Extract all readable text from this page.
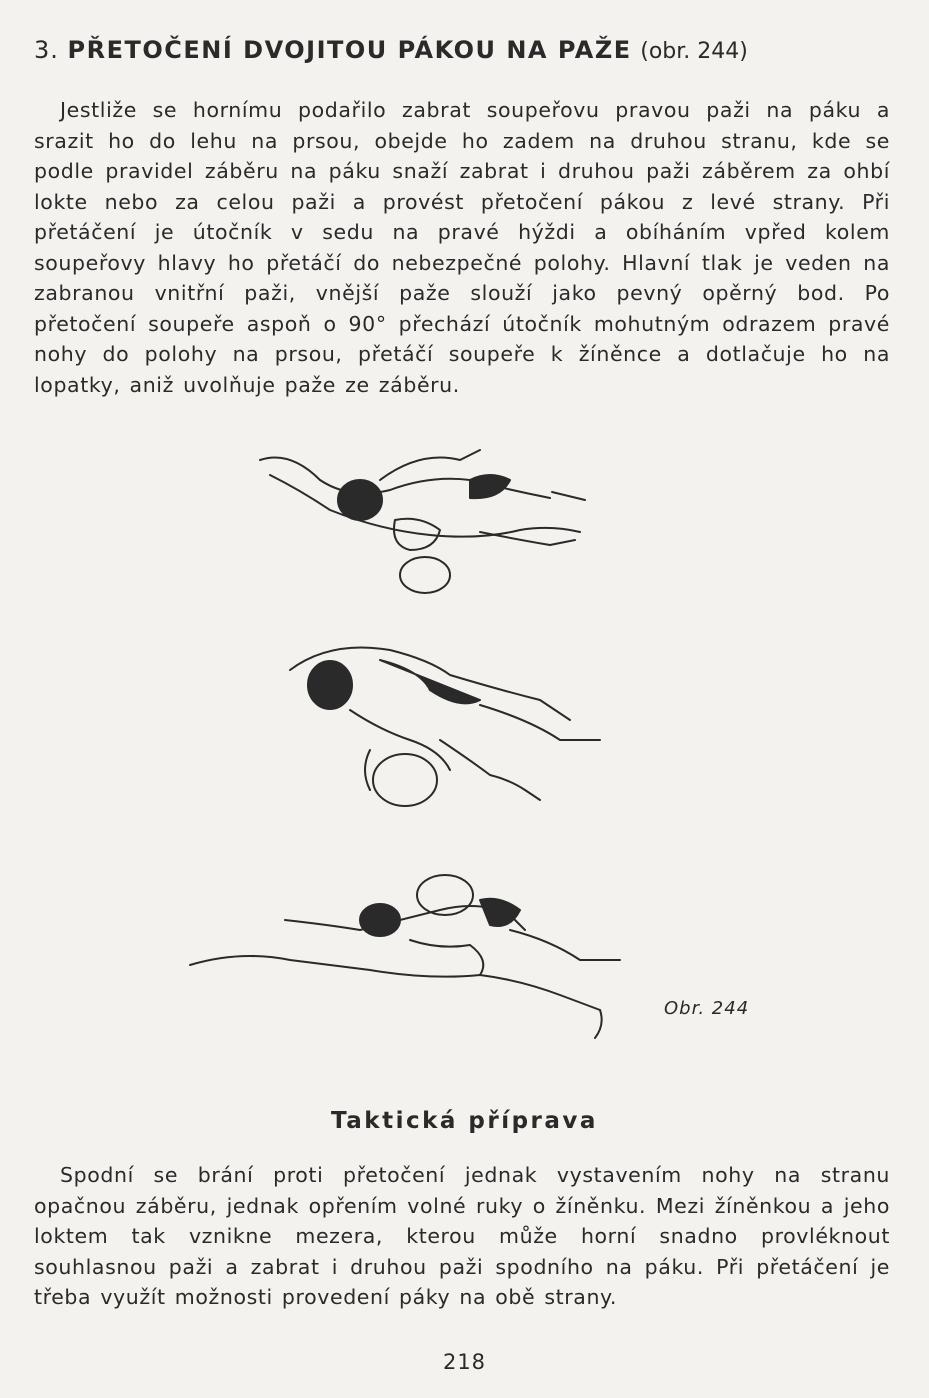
3. PŘETOČENÍ DVOJITOU PÁKOU NA PAŽE (obr. 244)
Jestliže se hornímu podařilo zabrat soupeřovu pravou paži na páku a srazit ho do lehu na prsou, obejde ho zadem na druhou stranu, kde se podle pravidel záběru na páku snaží zabrat i druhou paži záběrem za ohbí lokte nebo za celou paži a provést přetočení pákou z levé strany. Při přetáčení je útočník v sedu na pravé hýždi a obíháním vpřed kolem soupeřovy hlavy ho přetáčí do nebezpečné polohy. Hlavní tlak je veden na zabranou vnitřní paži, vnější paže slouží jako pevný opěrný bod. Po přetočení soupeře aspoň o 90° přechází útočník mohutným odrazem pravé nohy do polohy na prsou, přetáčí soupeře k žíněnce a dotlačuje ho na lopatky, aniž uvolňuje paže ze záběru.
Obr. 244
Taktická příprava
Spodní se brání proti přetočení jednak vystavením nohy na stranu opačnou záběru, jednak opřením volné ruky o žíněnku. Mezi žíněnkou a jeho loktem tak vznikne mezera, kterou může horní snadno provléknout souhlasnou paži a zabrat i druhou paži spodního na páku. Při přetáčení je třeba využít možnosti provedení páky na obě strany.
218
